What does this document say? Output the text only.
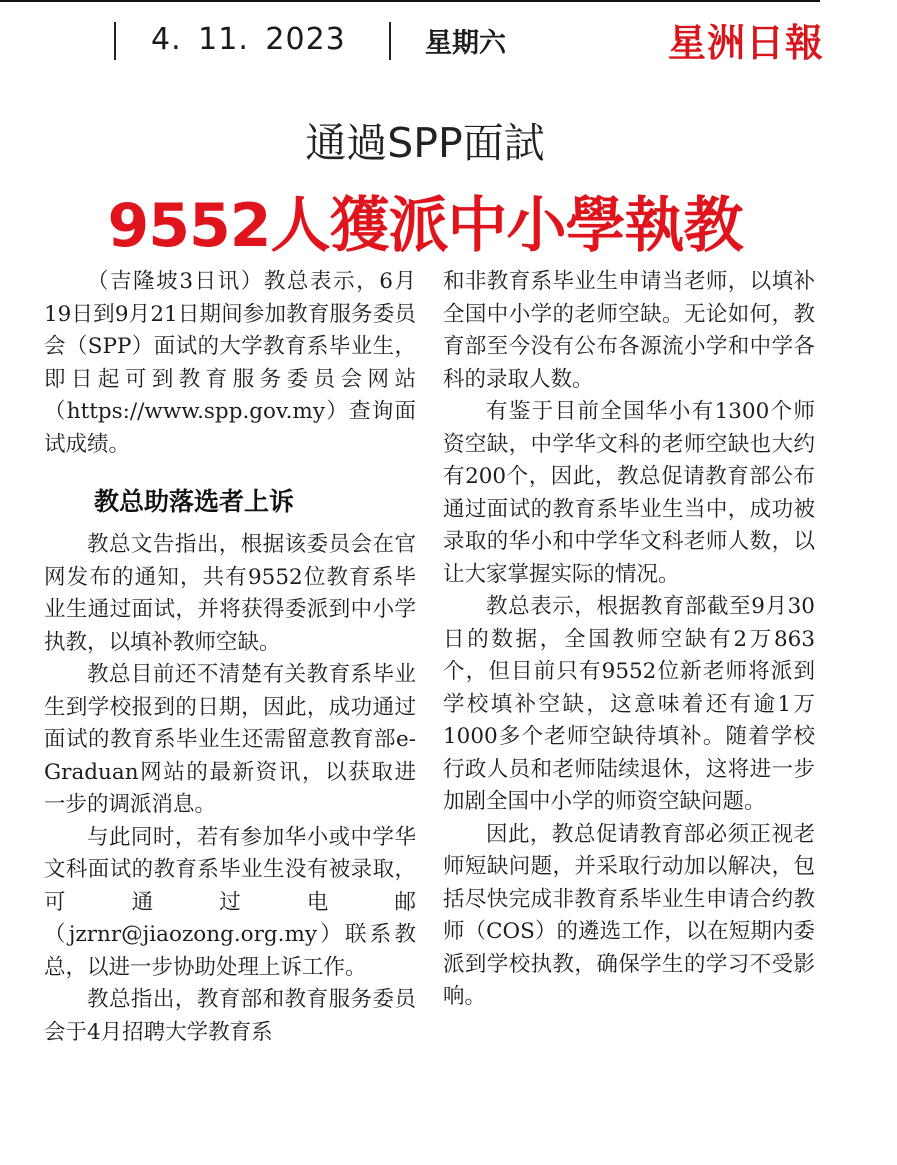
4. 11. 2023	星期六	星洲日報
通過SPP面試
9552人獲派中小學執教

（吉隆坡3日讯）教总表示，6月19日到9月21日期间参加教育服务委员会（SPP）面试的大学教育系毕业生，即日起可到教育服务委员会网站（https://www.spp.gov.my）查询面试成绩。

教总助落选者上诉

教总文告指出，根据该委员会在官网发布的通知，共有9552位教育系毕业生通过面试，并将获得委派到中小学执教，以填补教师空缺。

教总目前还不清楚有关教育系毕业生到学校报到的日期，因此，成功通过面试的教育系毕业生还需留意教育部e-Graduan网站的最新资讯，以获取进一步的调派消息。

与此同时，若有参加华小或中学华文科面试的教育系毕业生没有被录取，可通过电邮（jzrnr@jiaozong.org.my）联系教总，以进一步协助处理上诉工作。

教总指出，教育部和教育服务委员会于4月招聘大学教育系

和非教育系毕业生申请当老师，以填补全国中小学的老师空缺。无论如何，教育部至今没有公布各源流小学和中学各科的录取人数。

有鉴于目前全国华小有1300个师资空缺，中学华文科的老师空缺也大约有200个，因此，教总促请教育部公布通过面试的教育系毕业生当中，成功被录取的华小和中学华文科老师人数，以让大家掌握实际的情况。

教总表示，根据教育部截至9月30日的数据，全国教师空缺有2万863个，但目前只有9552位新老师将派到学校填补空缺，这意味着还有逾1万1000多个老师空缺待填补。随着学校行政人员和老师陆续退休，这将进一步加剧全国中小学的师资空缺问题。

因此，教总促请教育部必须正视老师短缺问题，并采取行动加以解决，包括尽快完成非教育系毕业生申请合约教师（COS）的遴选工作，以在短期内委派到学校执教，确保学生的学习不受影响。
